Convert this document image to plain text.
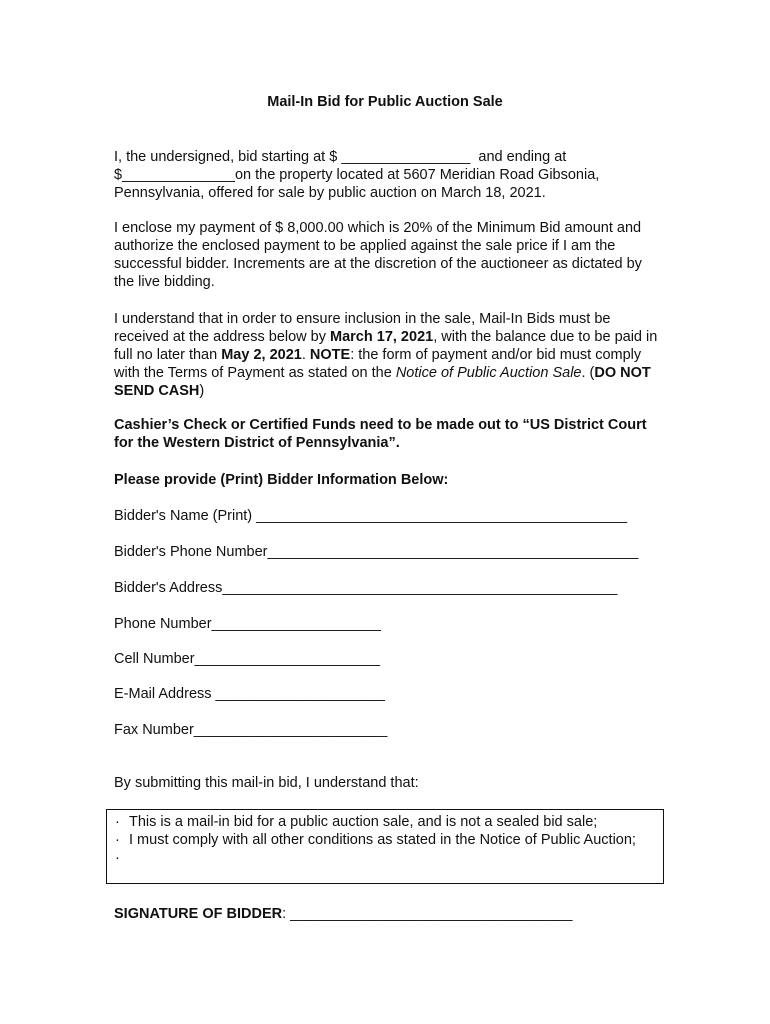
Mail-In Bid for Public Auction Sale
I, the undersigned, bid starting at $ ________________  and ending at
$______________on the property located at 5607 Meridian Road Gibsonia,
Pennsylvania, offered for sale by public auction on March 18, 2021.
I enclose my payment of $ 8,000.00 which is 20% of the Minimum Bid amount and authorize the enclosed payment to be applied against the sale price if I am the successful bidder. Increments are at the discretion of the auctioneer as dictated by the live bidding.
I understand that in order to ensure inclusion in the sale, Mail-In Bids must be received at the address below by March 17, 2021, with the balance due to be paid in full no later than May 2, 2021. NOTE: the form of payment and/or bid must comply with the Terms of Payment as stated on the Notice of Public Auction Sale. (DO NOT SEND CASH)
Cashier’s Check or Certified Funds need to be made out to “US District Court for the Western District of Pennsylvania”.
Please provide (Print) Bidder Information Below:
Bidder's Name (Print) ______________________________________________
Bidder's Phone Number______________________________________________
Bidder's Address_________________________________________________
Phone Number_____________________
Cell Number_______________________
E-Mail Address _____________________
Fax Number________________________
By submitting this mail-in bid, I understand that:
· This is a mail-in bid for a public auction sale, and is not a sealed bid sale;
· I must comply with all other conditions as stated in the Notice of Public Auction;
·
SIGNATURE OF BIDDER: ___________________________________
